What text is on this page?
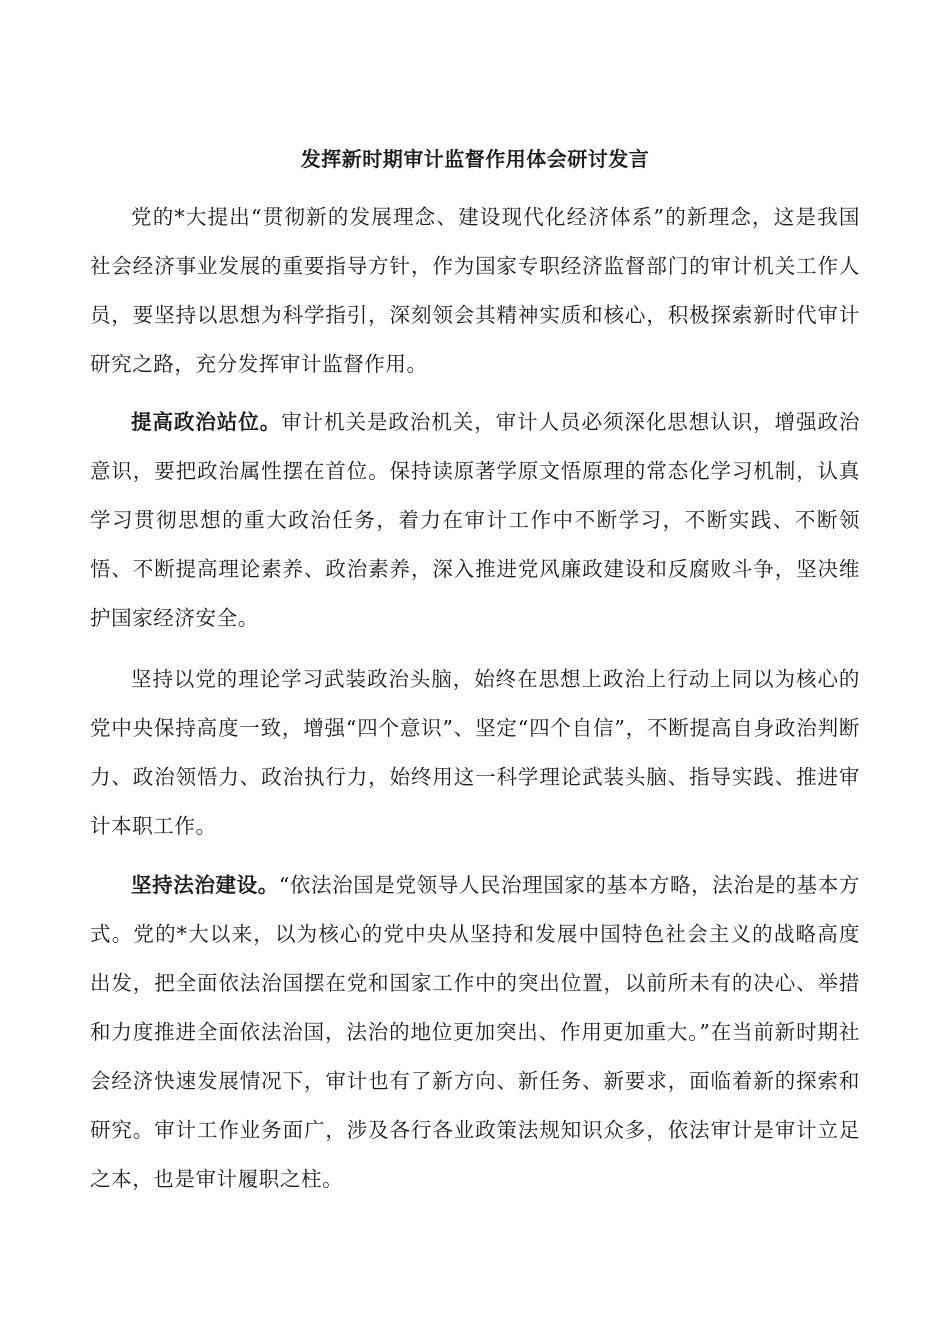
发挥新时期审计监督作用体会研讨发言

党的*大提出“贯彻新的发展理念、建设现代化经济体系”的新理念，这是我国社会经济事业发展的重要指导方针，作为国家专职经济监督部门的审计机关工作人员，要坚持以思想为科学指引，深刻领会其精神实质和核心，积极探索新时代审计研究之路，充分发挥审计监督作用。

提高政治站位。审计机关是政治机关，审计人员必须深化思想认识，增强政治意识，要把政治属性摆在首位。保持读原著学原文悟原理的常态化学习机制，认真学习贯彻思想的重大政治任务，着力在审计工作中不断学习，不断实践、不断领悟、不断提高理论素养、政治素养，深入推进党风廉政建设和反腐败斗争，坚决维护国家经济安全。

坚持以党的理论学习武装政治头脑，始终在思想上政治上行动上同以为核心的党中央保持高度一致，增强“四个意识”、坚定“四个自信”，不断提高自身政治判断力、政治领悟力、政治执行力，始终用这一科学理论武装头脑、指导实践、推进审计本职工作。

坚持法治建设。“依法治国是党领导人民治理国家的基本方略，法治是的基本方式。党的*大以来，以为核心的党中央从坚持和发展中国特色社会主义的战略高度出发，把全面依法治国摆在党和国家工作中的突出位置，以前所未有的决心、举措和力度推进全面依法治国，法治的地位更加突出、作用更加重大。”在当前新时期社会经济快速发展情况下，审计也有了新方向、新任务、新要求，面临着新的探索和研究。审计工作业务面广，涉及各行各业政策法规知识众多，依法审计是审计立足之本，也是审计履职之柱。
